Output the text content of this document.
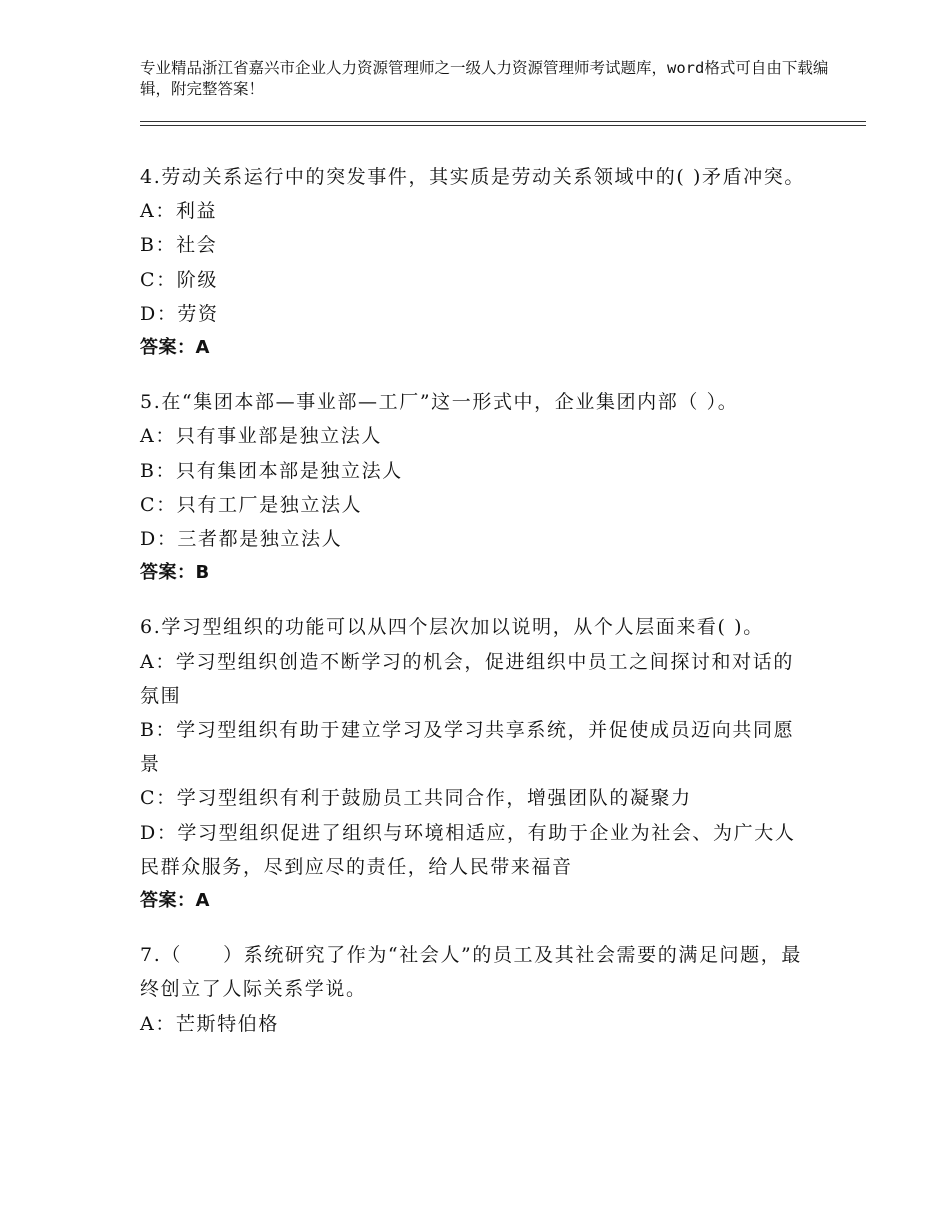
专业精品浙江省嘉兴市企业人力资源管理师之一级人力资源管理师考试题库，word格式可自由下载编辑，附完整答案！

4.劳动关系运行中的突发事件，其实质是劳动关系领域中的( )矛盾冲突。

A：利益

B：社会

C：阶级

D：劳资

答案：A

5.在“集团本部—事业部—工厂”这一形式中，企业集团内部（ ）。

A：只有事业部是独立法人

B：只有集团本部是独立法人

C：只有工厂是独立法人

D：三者都是独立法人

答案：B

6.学习型组织的功能可以从四个层次加以说明，从个人层面来看( )。

A：学习型组织创造不断学习的机会，促进组织中员工之间探讨和对话的氛围

B：学习型组织有助于建立学习及学习共享系统，并促使成员迈向共同愿景

C：学习型组织有利于鼓励员工共同合作，增强团队的凝聚力

D：学习型组织促进了组织与环境相适应，有助于企业为社会、为广大人民群众服务，尽到应尽的责任，给人民带来福音

答案：A

7.（　　）系统研究了作为“社会人”的员工及其社会需要的满足问题，最终创立了人际关系学说。

A：芒斯特伯格
